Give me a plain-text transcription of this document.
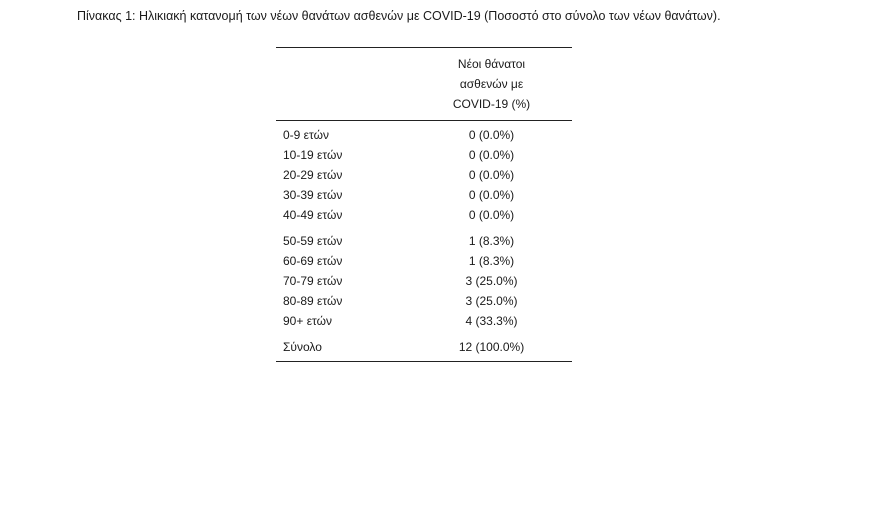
Πίνακας 1: Ηλικιακή κατανομή των νέων θανάτων ασθενών με COVID-19 (Ποσοστό στο σύνολο των νέων θανάτων).

	Νέοι θάνατοι
ασθενών με
COVID-19 (%)

0-9 ετών	0 (0.0%)
10-19 ετών	0 (0.0%)
20-29 ετών	0 (0.0%)
30-39 ετών	0 (0.0%)
40-49 ετών	0 (0.0%)
50-59 ετών	1 (8.3%)
60-69 ετών	1 (8.3%)
70-79 ετών	3 (25.0%)
80-89 ετών	3 (25.0%)
90+ ετών	4 (33.3%)
Σύνολο	12 (100.0%)
